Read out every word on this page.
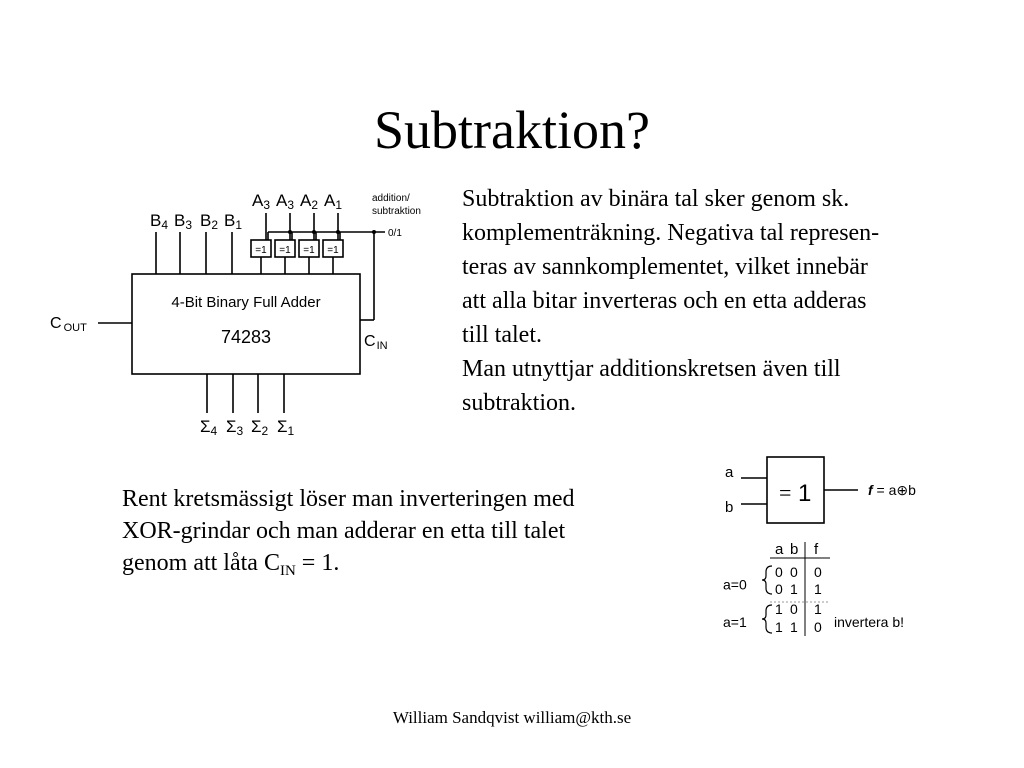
Subtraktion?

Subtraktion av binära tal sker genom sk.

komplementräkning. Negativa tal represen-

teras av sannkomplementet, vilket innebär

att alla bitar inverteras och en etta adderas

till talet.

Man utnyttjar additionskretsen även till

subtraktion.

Rent kretsmässigt löser man inverteringen med
XOR-grindar och man adderar en etta till talet
genom att låta $C_{IN} = 1$.
4-Bit Binary Full Adder
74283
=1 =1 =1 =1
addition/
subtraktion
0/1
C $_{OUT}$
$C_{IN}$
B4 B3 B2 B1
A3 A3 A2 A1
Σ4 Σ3 Σ2 Σ1
a
b
= 1	f = a⊕b
a b f
a=0
0 0 0
0 1 1
a=1
1 0 1
1 1 0 invertera b!
William Sandqvist william@kth.se
